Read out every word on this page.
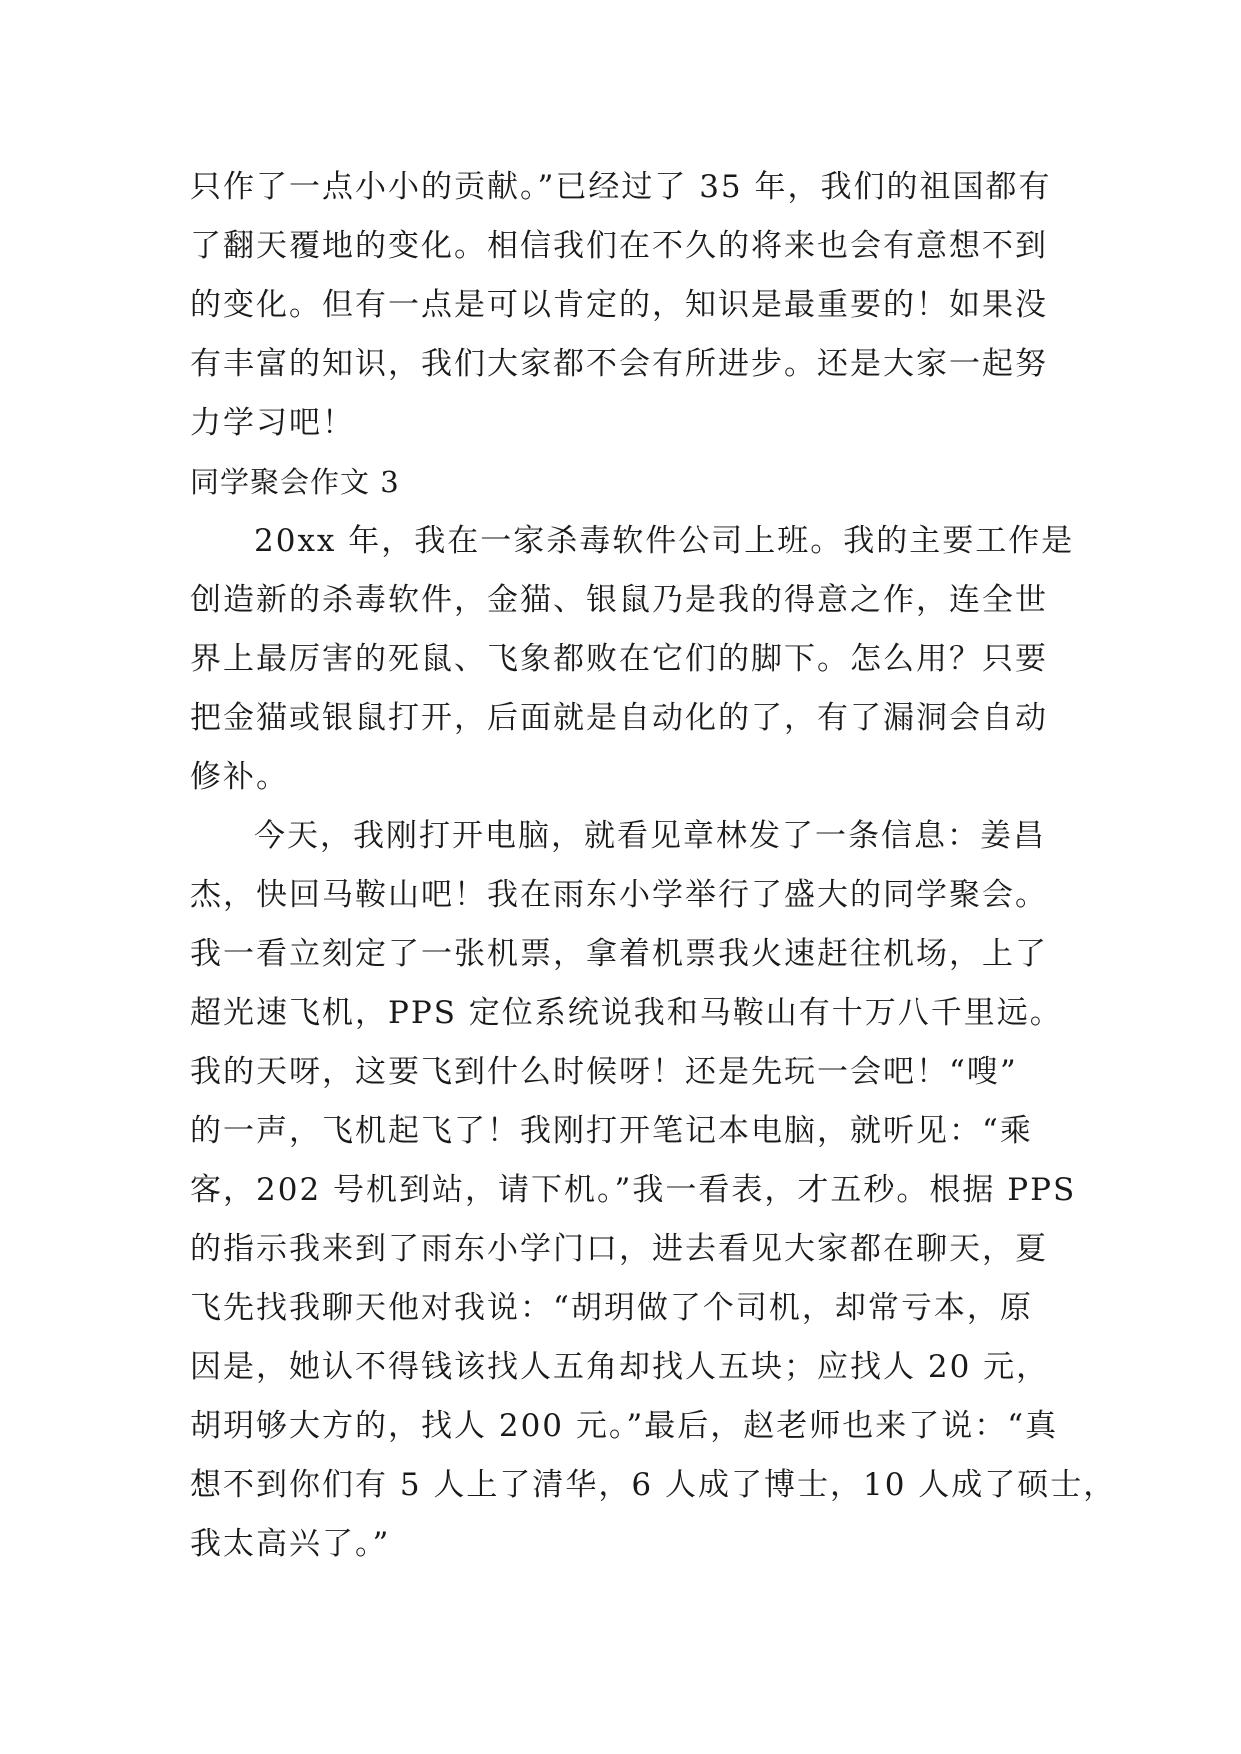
只作了一点小小的贡献。”已经过了 35 年，我们的祖国都有
了翻天覆地的变化。相信我们在不久的将来也会有意想不到
的变化。但有一点是可以肯定的，知识是最重要的！如果没
有丰富的知识，我们大家都不会有所进步。还是大家一起努
力学习吧！

同学聚会作文 3

20xx 年，我在一家杀毒软件公司上班。我的主要工作是
创造新的杀毒软件，金猫、银鼠乃是我的得意之作，连全世
界上最厉害的死鼠、飞象都败在它们的脚下。怎么用？只要
把金猫或银鼠打开，后面就是自动化的了，有了漏洞会自动
修补。

今天，我刚打开电脑，就看见章林发了一条信息：姜昌
杰，快回马鞍山吧！我在雨东小学举行了盛大的同学聚会。
我一看立刻定了一张机票，拿着机票我火速赶往机场，上了
超光速飞机，PPS 定位系统说我和马鞍山有十万八千里远。
我的天呀，这要飞到什么时候呀！还是先玩一会吧！“嗖”
的一声，飞机起飞了！我刚打开笔记本电脑，就听见：“乘
客，202 号机到站，请下机。”我一看表，才五秒。根据 PPS
的指示我来到了雨东小学门口，进去看见大家都在聊天，夏
飞先找我聊天他对我说：“胡玥做了个司机，却常亏本，原
因是，她认不得钱该找人五角却找人五块；应找人 20 元，
胡玥够大方的，找人 200 元。”最后，赵老师也来了说：“真
想不到你们有 5 人上了清华，6 人成了博士，10 人成了硕士，
我太高兴了。”
